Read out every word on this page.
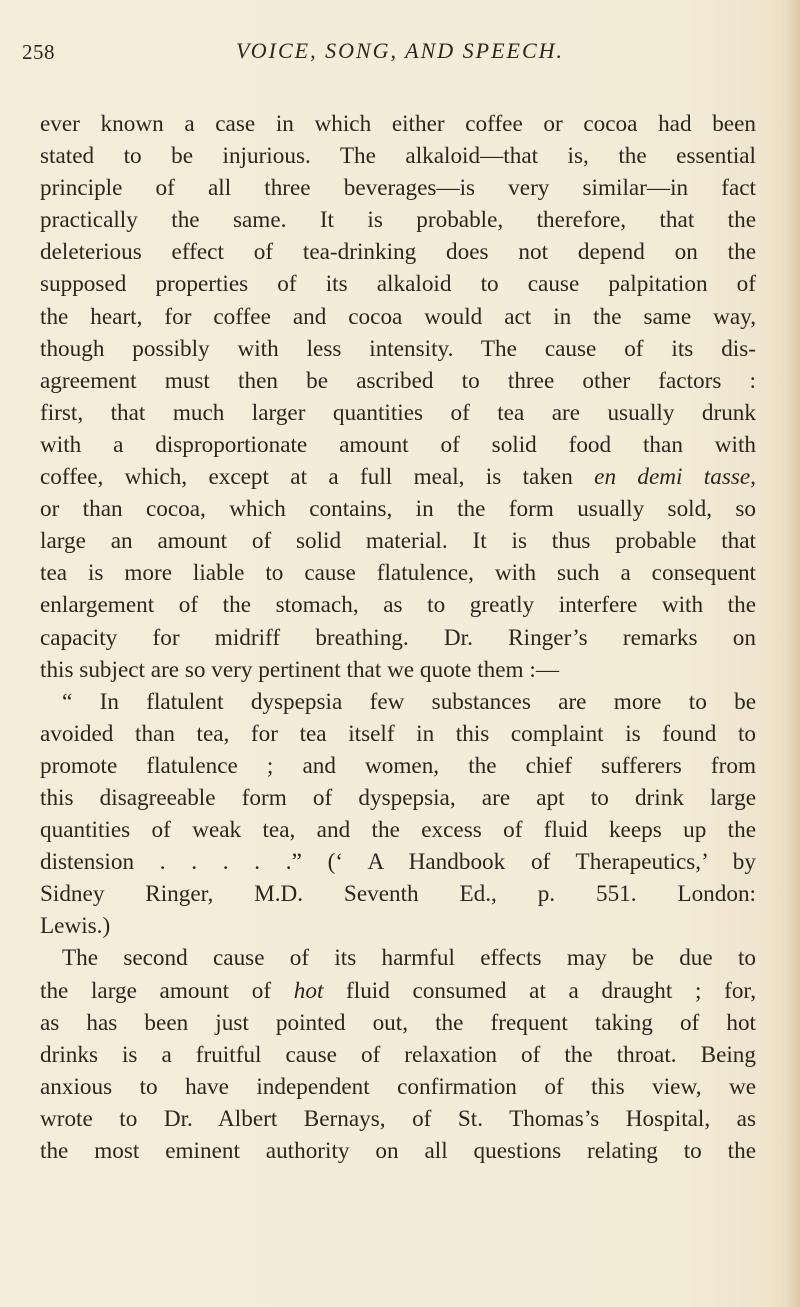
258	VOICE, SONG, AND SPEECH.
ever known a case in which either coffee or cocoa had been
stated to be injurious. The alkaloid—that is, the essential
principle of all three beverages—is very similar—in fact
practically the same. It is probable, therefore, that the
deleterious effect of tea-drinking does not depend on the
supposed properties of its alkaloid to cause palpitation of
the heart, for coffee and cocoa would act in the same way,
though possibly with less intensity. The cause of its dis-
agreement must then be ascribed to three other factors :
first, that much larger quantities of tea are usually drunk
with a disproportionate amount of solid food than with
coffee, which, except at a full meal, is taken en demi tasse,
or than cocoa, which contains, in the form usually sold, so
large an amount of solid material. It is thus probable that
tea is more liable to cause flatulence, with such a consequent
enlargement of the stomach, as to greatly interfere with the
capacity for midriff breathing. Dr. Ringer’s remarks on
this subject are so very pertinent that we quote them :—
“ In flatulent dyspepsia few substances are more to be
avoided than tea, for tea itself in this complaint is found to
promote flatulence ; and women, the chief sufferers from
this disagreeable form of dyspepsia, are apt to drink large
quantities of weak tea, and the excess of fluid keeps up the
distension . . . . .” (‘ A Handbook of Therapeutics,’ by
Sidney Ringer, M.D. Seventh Ed., p. 551. London:
Lewis.)
The second cause of its harmful effects may be due to
the large amount of hot fluid consumed at a draught ; for,
as has been just pointed out, the frequent taking of hot
drinks is a fruitful cause of relaxation of the throat. Being
anxious to have independent confirmation of this view, we
wrote to Dr. Albert Bernays, of St. Thomas’s Hospital, as
the most eminent authority on all questions relating to the
